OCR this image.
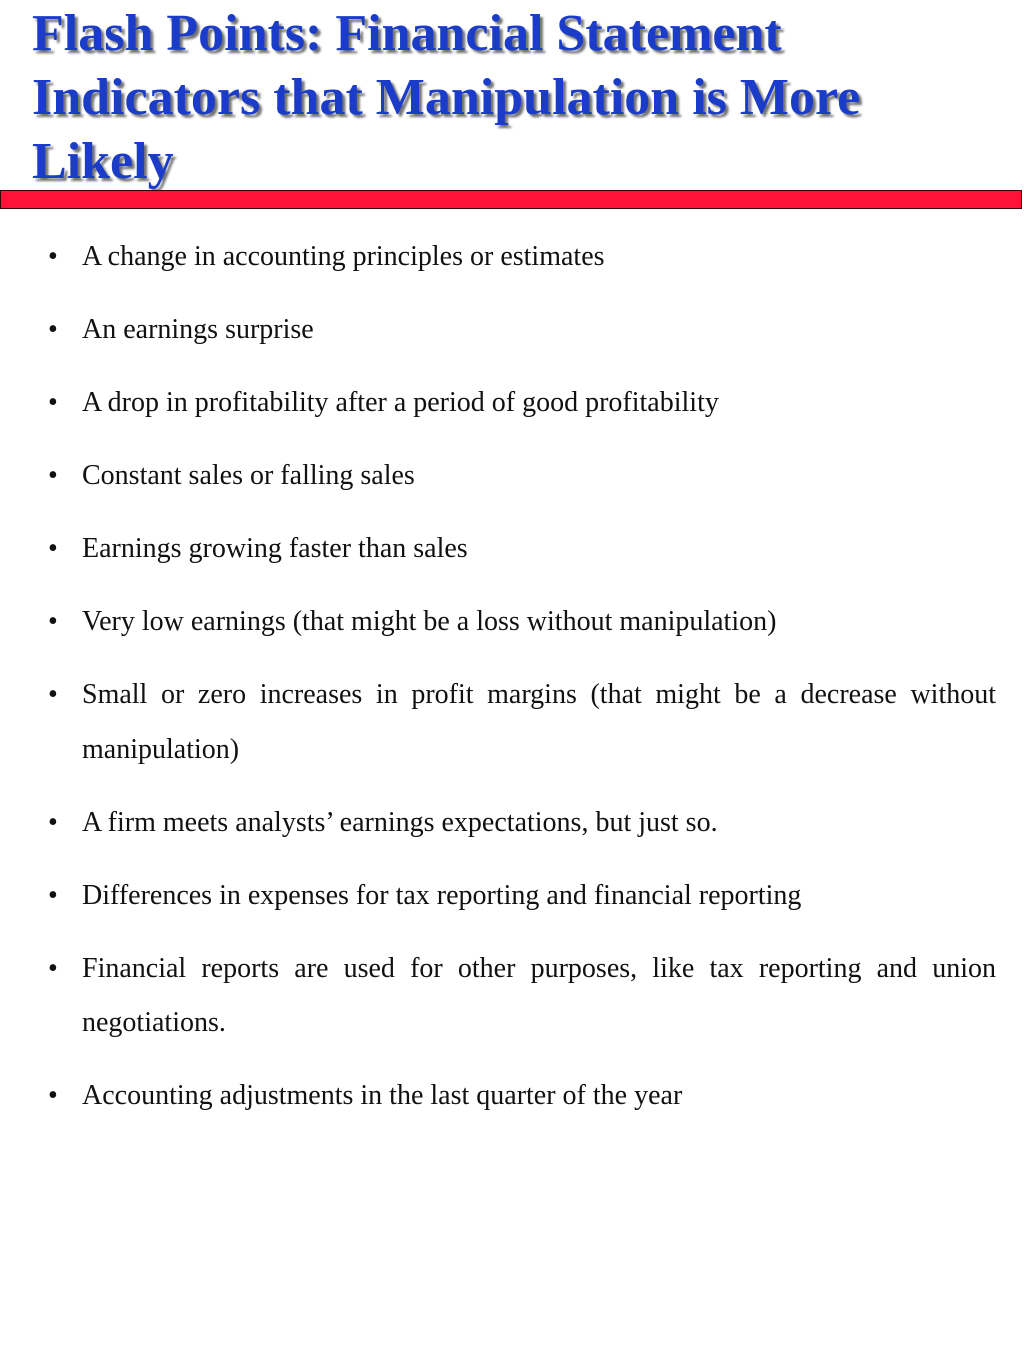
Flash Points: Financial Statement Indicators that Manipulation is More Likely
• A change in accounting principles or estimates
• An earnings surprise
• A drop in profitability after a period of good profitability
• Constant sales or falling sales
• Earnings growing faster than sales
• Very low earnings (that might be a loss without manipulation)
• Small or zero increases in profit margins (that might be a decrease without manipulation)
• A firm meets analysts’ earnings expectations, but just so.
• Differences in expenses for tax reporting and financial reporting
• Financial reports are used for other purposes, like tax reporting and union negotiations.
• Accounting adjustments in the last quarter of the year
